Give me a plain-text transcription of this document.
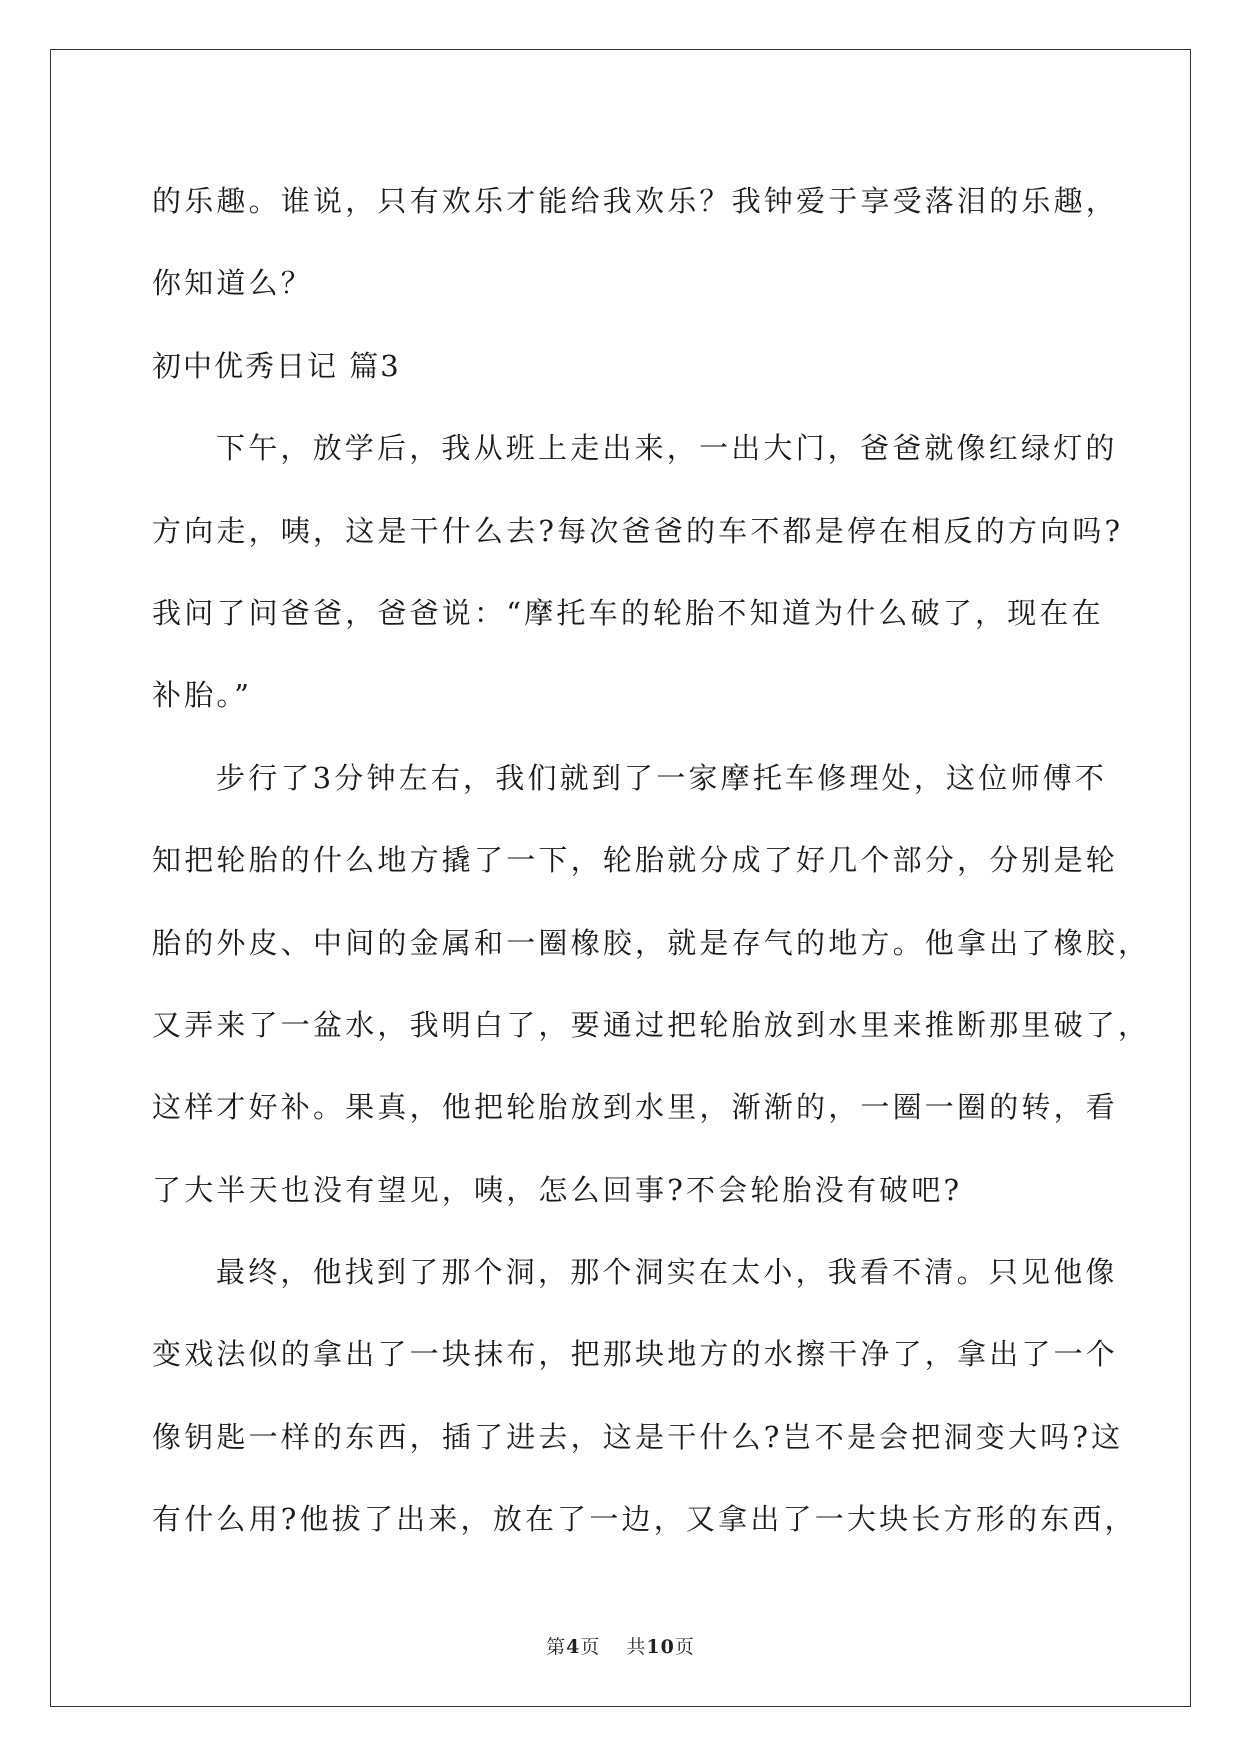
的乐趣。谁说，只有欢乐才能给我欢乐？我钟爱于享受落泪的乐趣，
你知道么？
初中优秀日记 篇3
下午，放学后，我从班上走出来，一出大门，爸爸就像红绿灯的
方向走，咦，这是干什么去?每次爸爸的车不都是停在相反的方向吗?
我问了问爸爸，爸爸说：“摩托车的轮胎不知道为什么破了，现在在
补胎。”
步行了3分钟左右，我们就到了一家摩托车修理处，这位师傅不
知把轮胎的什么地方撬了一下，轮胎就分成了好几个部分，分别是轮
胎的外皮、中间的金属和一圈橡胶，就是存气的地方。他拿出了橡胶，
又弄来了一盆水，我明白了，要通过把轮胎放到水里来推断那里破了，
这样才好补。果真，他把轮胎放到水里，渐渐的，一圈一圈的转，看
了大半天也没有望见，咦，怎么回事?不会轮胎没有破吧?
最终，他找到了那个洞，那个洞实在太小，我看不清。只见他像
变戏法似的拿出了一块抹布，把那块地方的水擦干净了，拿出了一个
像钥匙一样的东西，插了进去，这是干什么?岂不是会把洞变大吗?这
有什么用?他拔了出来，放在了一边，又拿出了一大块长方形的东西，
第4页 共10页
